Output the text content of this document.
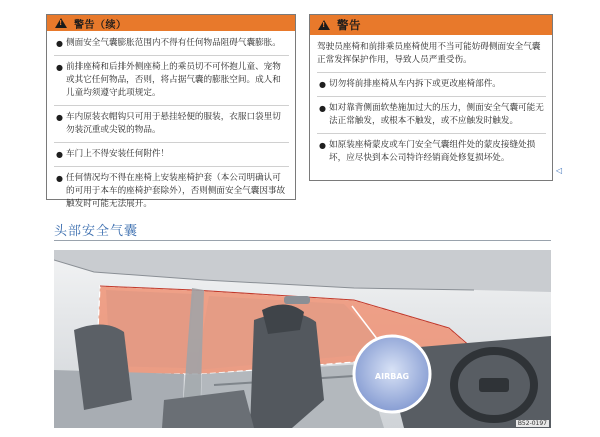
! 警告（续）
● 侧面安全气囊膨胀范围内不得有任何物品阻碍气囊膨胀。
● 前排座椅和后排外侧座椅上的乘员切不可怀抱儿童、宠物或其它任何物品，否则，将占据气囊的膨胀空间。成人和儿童均须遵守此项规定。
● 车内原装衣帽钩只可用于悬挂轻便的服装，衣服口袋里切勿装沉重或尖锐的物品。
● 车门上不得安装任何附件！
● 任何情况均不得在座椅上安装座椅护套（本公司明确认可的可用于本车的座椅护套除外），否则侧面安全气囊因事故触发时可能无法展开。
! 警告
驾驶员座椅和前排乘员座椅使用不当可能妨碍侧面安全气囊正常发挥保护作用，导致人员严重受伤。
● 切勿将前排座椅从车内拆下或更改座椅部件。
● 如对靠背侧面软垫施加过大的压力，侧面安全气囊可能无法正常触发，或根本不触发，或不应触发时触发。
● 如原装座椅蒙皮或车门安全气囊组件处的蒙皮接缝处损坏，应尽快到本公司特许经销商处修复损坏处。
◁
头部安全气囊
AIRBAG
B52-0197
